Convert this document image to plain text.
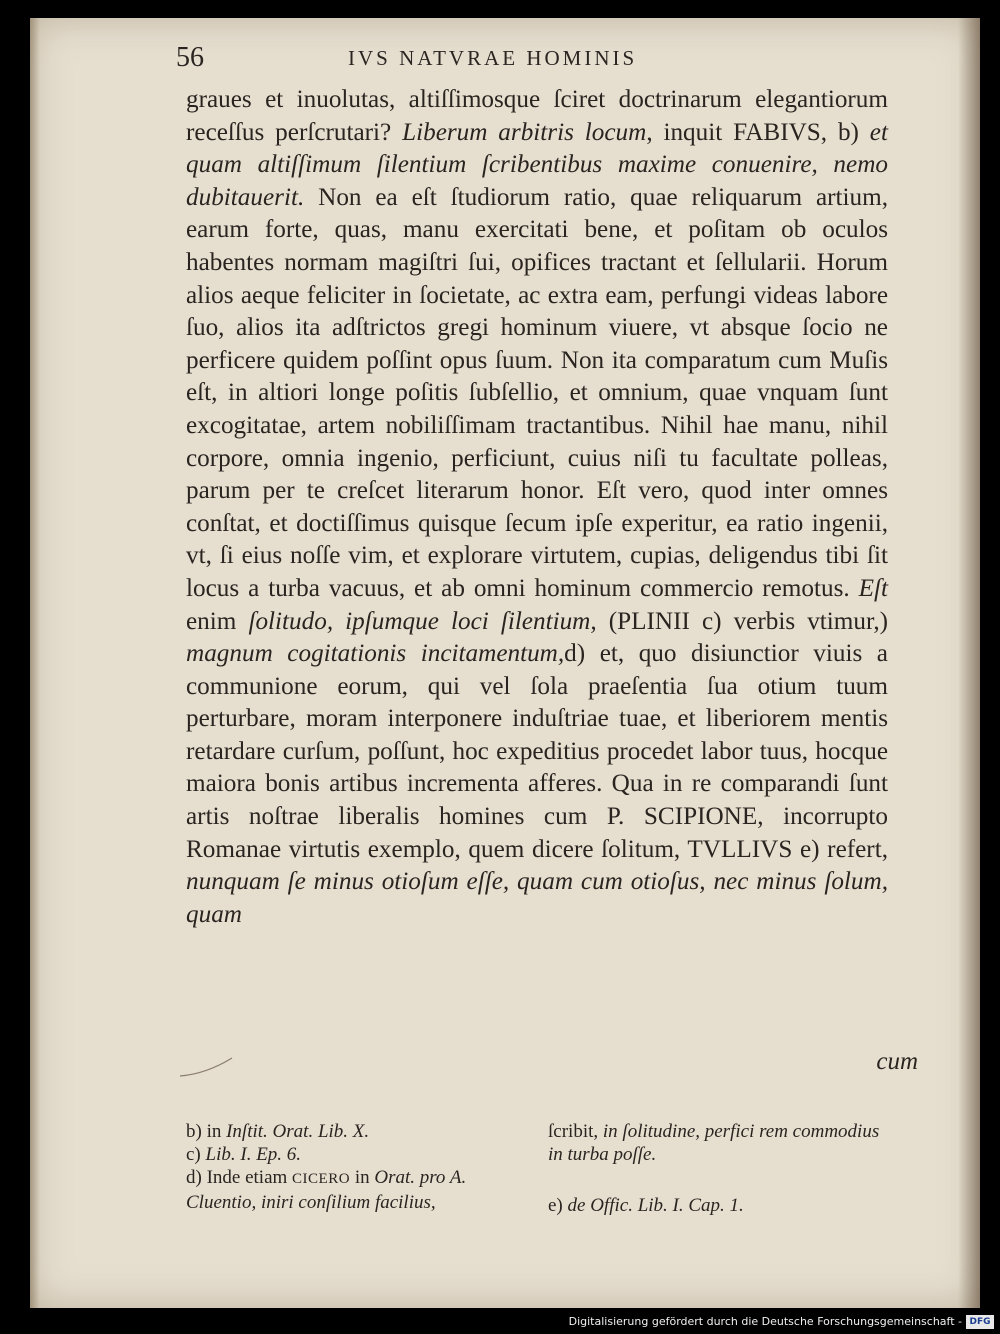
56	IVS NATVRAE HOMINIS

graues et inuolutas, altiſſimosque ſciret doctrinarum elegantiorum receſſus perſcrutari? Liberum arbitris locum, inquit FABIVS, b) et quam altiſſimum ſilentium ſcribentibus maxime conuenire, nemo dubitauerit. Non ea eſt ſtudiorum ratio, quae reliquarum artium, earum forte, quas, manu exercitati bene, et poſitam ob oculos habentes normam magiſtri ſui, opifices tractant et ſellularii. Horum alios aeque feliciter in ſocietate, ac extra eam, perfungi videas labore ſuo, alios ita adſtrictos gregi hominum viuere, vt absque ſocio ne perficere quidem poſſint opus ſuum. Non ita comparatum cum Muſis eſt, in altiori longe poſitis ſubſellio, et omnium, quae vnquam ſunt excogitatae, artem nobiliſſimam tractantibus. Nihil hae manu, nihil corpore, omnia ingenio, perficiunt, cuius niſi tu facultate polleas, parum per te creſcet literarum honor. Eſt vero, quod inter omnes conſtat, et doctiſſimus quisque ſecum ipſe experitur, ea ratio ingenii, vt, ſi eius noſſe vim, et explorare virtutem, cupias, deligendus tibi ſit locus a turba vacuus, et ab omni hominum commercio remotus. Eſt enim ſolitudo, ipſumque loci ſilentium, (PLINII c) verbis vtimur,) magnum cogitationis incitamentum,d) et, quo disiunctior viuis a communione eorum, qui vel ſola praeſentia ſua otium tuum perturbare, moram interponere induſtriae tuae, et liberiorem mentis retardare curſum, poſſunt, hoc expeditius procedet labor tuus, hocque maiora bonis artibus incrementa afferes. Qua in re comparandi ſunt artis noſtrae liberalis homines cum P. SCIPIONE, incorrupto Romanae virtutis exemplo, quem dicere ſolitum, TVLLIVS e) refert, nunquam ſe minus otioſum eſſe, quam cum otioſus, nec minus ſolum, quam

cum
b) in Inſtit. Orat. Lib. X.
c) Lib. I. Ep. 6.
d) Inde etiam CICERO in Orat. pro A. Cluentio, iniri conſilium facilius,
ſcribit, in ſolitudine, perfici rem commodius in turba poſſe.
e) de Offic. Lib. I. Cap. 1.
Digitalisierung gefördert durch die Deutsche Forschungsgemeinschaft - DFG
